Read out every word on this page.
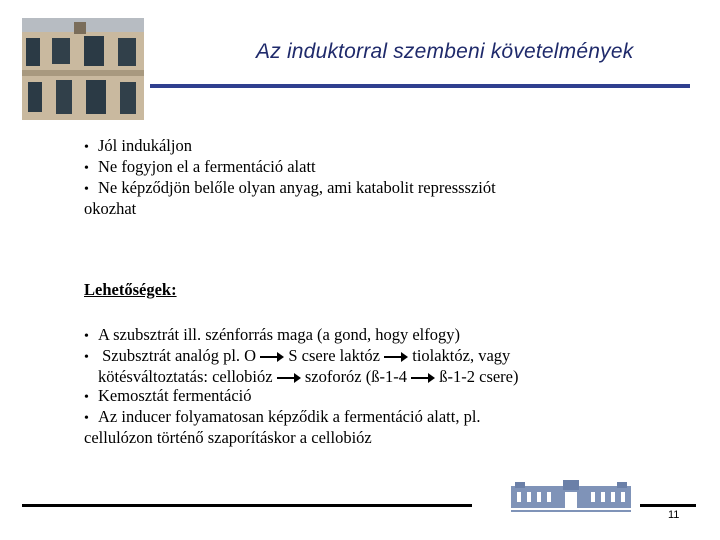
Az induktorral szembeni követelmények
• Jól indukáljon
• Ne fogyjon el a fermentáció alatt
• Ne képződjön belőle olyan anyag, ami katabolit represssziót
okozhat
Lehetőségek:
• A szubsztrát ill. szénforrás maga (a gond, hogy elfogy)
• Szubsztrát analóg pl. O S csere laktóz tiolaktóz, vagy
kötésváltoztatás: cellobióz szoforóz (ß-1-4 ß-1-2 csere)
• Kemosztát fermentáció
• Az inducer folyamatosan képződik a fermentáció alatt, pl.
cellulózon történő szaporításkor a cellobióz
11
